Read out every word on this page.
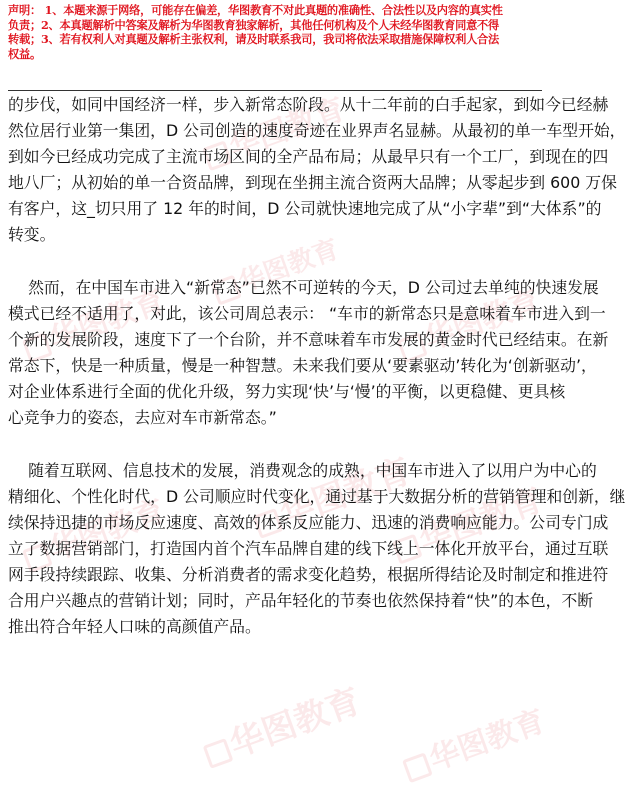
华图教育
华图教育
华图教育	华图教育
华图教育
华图教育	华图教育
华图教育	华图教育
声明： 1、本题来源于网络，可能存在偏差，华图教育不对此真题的准确性、合法性以及内容的真实性
负责；2、本真题解析中答案及解析为华图教育独家解析，其他任何机构及个人未经华图教育同意不得
转载；3、若有权利人对真题及解析主张权利，请及时联系我司，我司将依法采取措施保障权利人合法
权益。
的步伐，如同中国经济一样，步入新常态阶段。从十二年前的白手起家，到如今已经赫
然位居行业第一集团，D 公司创造的速度奇迹在业界声名显赫。从最初的单一车型开始，
到如今已经成功完成了主流市场区间的全产品布局；从最早只有一个工厂，到现在的四
地八厂；从初始的单一合资品牌，到现在坐拥主流合资两大品牌；从零起步到 600 万保
有客户，这_切只用了 12 年的时间，D 公司就快速地完成了从“小字辈”到“大体系”的
转变。
然而，在中国车市进入“新常态”已然不可逆转的今天，D 公司过去单纯的快速发展
模式已经不适用了，对此，该公司周总表示： “车市的新常态只是意味着车市进入到一
个新的发展阶段，速度下了一个台阶，并不意味着车市发展的黄金时代已经结束。在新
常态下，快是一种质量，慢是一种智慧。未来我们要从‘要素驱动’转化为‘创新驱动’，
对企业体系进行全面的优化升级，努力实现‘快’与‘慢’的平衡，以更稳健、更具核
心竞争力的姿态，去应对车市新常态。”
随着互联网、信息技术的发展，消费观念的成熟，中国车市进入了以用户为中心的
精细化、个性化时代，D 公司顺应时代变化，通过基于大数据分析的营销管理和创新，继
续保持迅捷的市场反应速度、高效的体系反应能力、迅速的消费响应能力。公司专门成
立了数据营销部门，打造国内首个汽车品牌自建的线下线上一体化开放平台，通过互联
网手段持续跟踪、收集、分析消费者的需求变化趋势，根据所得结论及时制定和推进符
合用户兴趣点的营销计划；同时，产品年轻化的节奏也依然保持着“快”的本色，不断
推出符合年轻人口味的高颜值产品。
